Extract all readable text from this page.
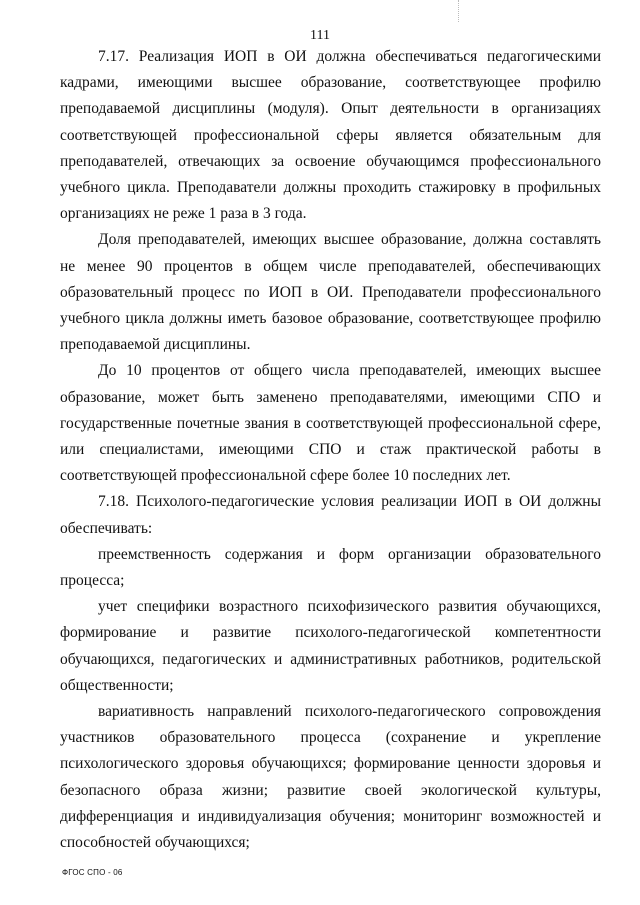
111

7.17. Реализация ИОП в ОИ должна обеспечиваться педагогическими кадрами, имеющими высшее образование, соответствующее профилю преподаваемой дисциплины (модуля). Опыт деятельности в организациях соответствующей профессиональной сферы является обязательным для преподавателей, отвечающих за освоение обучающимся профессионального учебного цикла. Преподаватели должны проходить стажировку в профильных организациях не реже 1 раза в 3 года.

Доля преподавателей, имеющих высшее образование, должна составлять не менее 90 процентов в общем числе преподавателей, обеспечивающих образовательный процесс по ИОП в ОИ. Преподаватели профессионального учебного цикла должны иметь базовое образование, соответствующее профилю преподаваемой дисциплины.

До 10 процентов от общего числа преподавателей, имеющих высшее образование, может быть заменено преподавателями, имеющими СПО и государственные почетные звания в соответствующей профессиональной сфере, или специалистами, имеющими СПО и стаж практической работы в соответствующей профессиональной сфере более 10 последних лет.

7.18. Психолого-педагогические условия реализации ИОП в ОИ должны обеспечивать:

преемственность содержания и форм организации образовательного процесса;

учет специфики возрастного психофизического развития обучающихся, формирование и развитие психолого-педагогической компетентности обучающихся, педагогических и административных работников, родительской общественности;

вариативность направлений психолого-педагогического сопровождения участников образовательного процесса (сохранение и укрепление психологического здоровья обучающихся; формирование ценности здоровья и безопасного образа жизни; развитие своей экологической культуры, дифференциация и индивидуализация обучения; мониторинг возможностей и способностей обучающихся;

ФГОС СПО - 06
